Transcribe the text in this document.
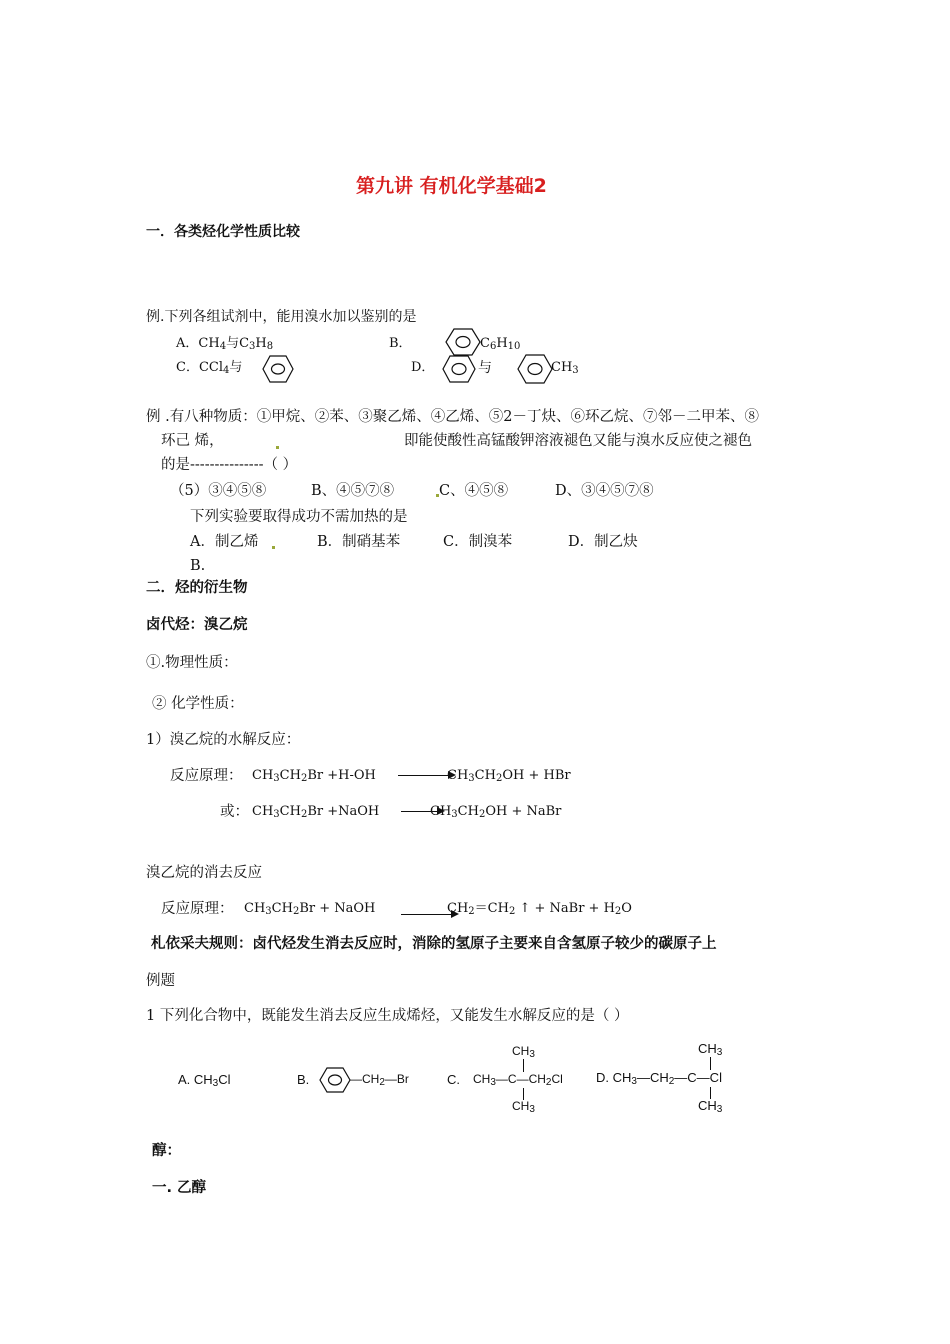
第九讲 有机化学基础2
一．各类烃化学性质比较
例.下列各组试剂中，能用溴水加以鉴别的是
A．$CH_4$与$C_3H_8$	B．	$C_6H_{10}$
C．CCl$_4$与	D．	与	$CH_3$
例 .有八种物质：①甲烷、②苯、③聚乙烯、④乙烯、⑤2－丁炔、⑥环乙烷、⑦邻－二甲苯、⑧
环己 烯，	即能使酸性高锰酸钾溶液褪色又能与溴水反应使之褪色
的是---------------（ ）
（5）③④⑤⑧	B、④⑤⑦⑧	C、④⑤⑧	D、③④⑤⑦⑧
下列实验要取得成功不需加热的是
A．制乙烯	B．制硝基苯	C．制溴苯	D．制乙炔
B.
二．烃的衍生物
卤代烃：溴乙烷
①.物理性质：
② 化学性质：
1）溴乙烷的水解反应：
反应原理： $CH_3CH_2Br +H-OH$	$CH_3CH_2OH$ + HBr
或： $CH_3CH_2Br$ +NaOH	$CH_3CH_2OH$ + NaBr
溴乙烷的消去反应
反应原理： $CH_3CH_2Br$ + NaOH	$CH_2=CH_2$ ↑ + NaBr + $H_2O$
札依采夫规则：卤代烃发生消去反应时，消除的氢原子主要来自含氢原子较少的碳原子上
例题
1 下列化合物中，既能发生消去反应生成烯烃，又能发生水解反应的是（ ）
A. $CH_3Cl$	B.	$—CH_2—Br$	C.
$CH_3$
$CH_3—C—CH_2Cl$
$CH_3$
$CH_3$
D. $CH_3—CH_2—C—Cl$
$CH_3$
醇：
一. 乙醇
